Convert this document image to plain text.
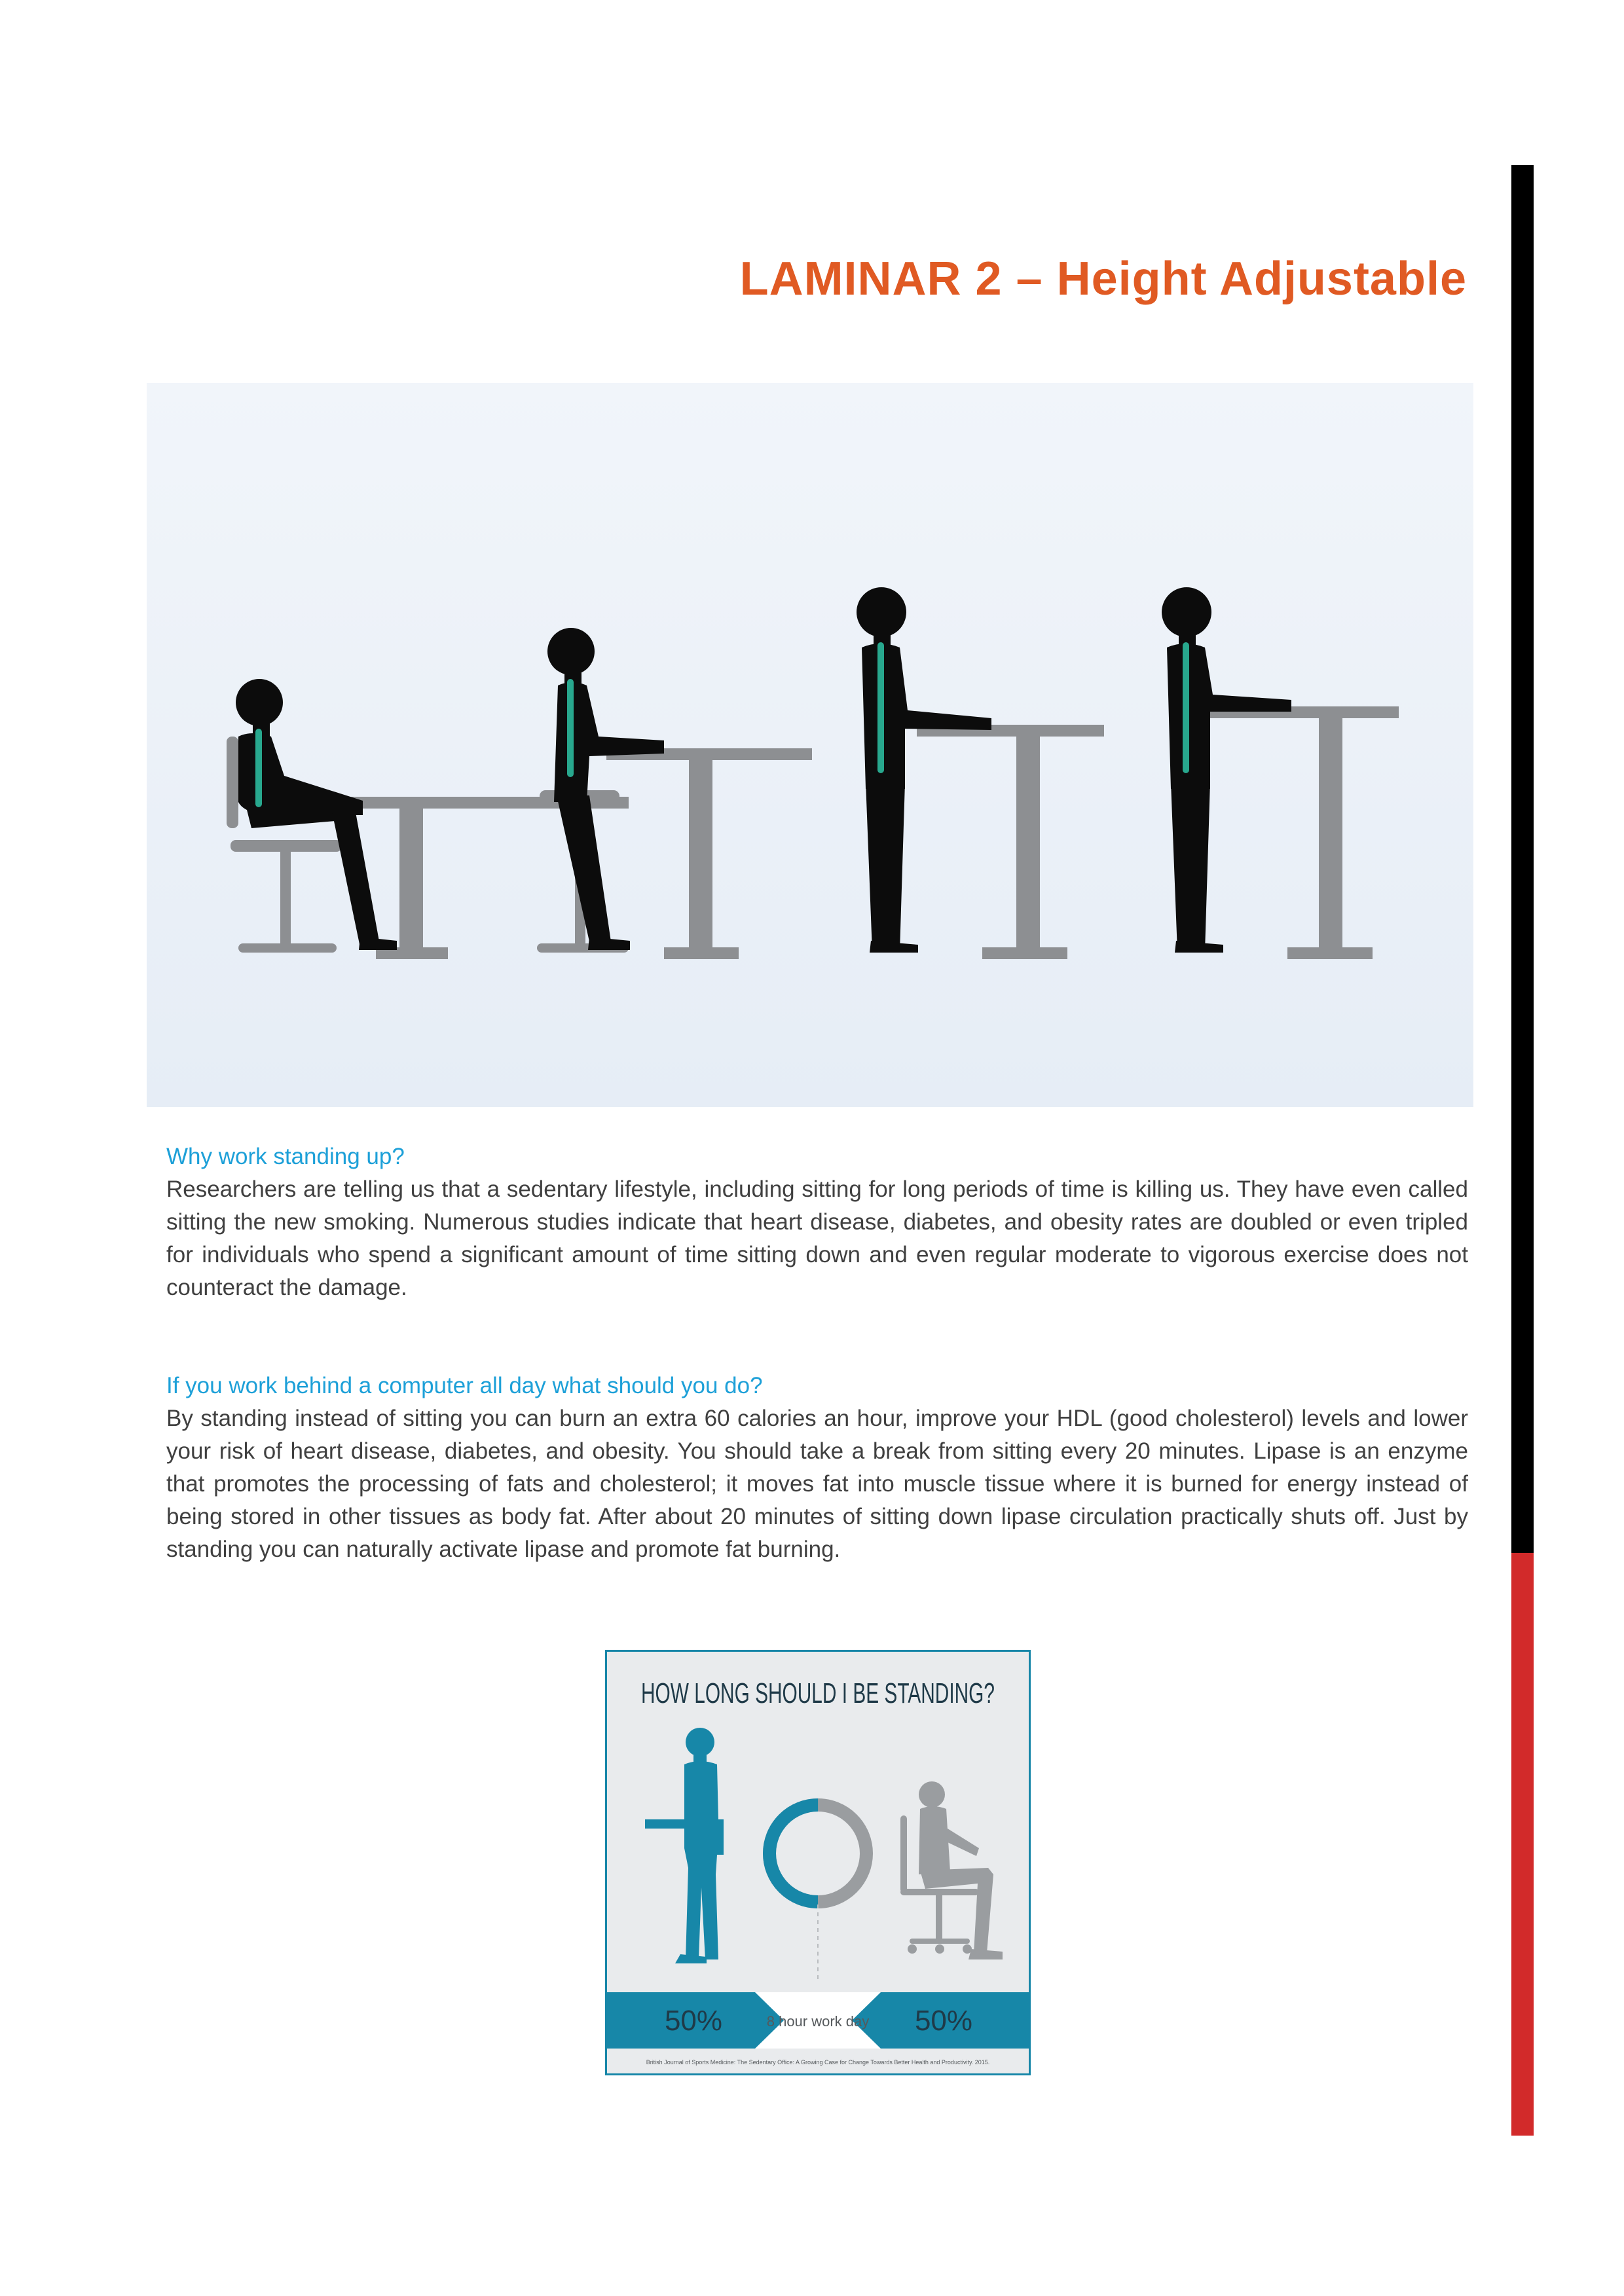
LAMINAR 2 – Height Adjustable
Why work standing up?
Researchers are telling us that a sedentary lifestyle, including sitting for long periods of time is killing us. They have even called sitting the new smoking. Numerous studies indicate that heart disease, diabetes, and obesity rates are doubled or even tripled for individuals who spend a significant amount of time sitting down and even regular moderate to vigorous exercise does not counteract the damage.
If you work behind a computer all day what should you do?
By standing instead of sitting you can burn an extra 60 calories an hour, improve your HDL (good cholesterol) levels and lower your risk of heart disease, diabetes, and obesity. You should take a break from sitting every 20 minutes. Lipase is an enzyme that promotes the processing of fats and cholesterol; it moves fat into muscle tissue where it is burned for energy instead of being stored in other tissues as body fat. After about 20 minutes of sitting down lipase circulation practically shuts off. Just by standing you can naturally activate lipase and promote fat burning.
HOW LONG SHOULD I BE STANDING?
50%	8 hour work day 50%
British Journal of Sports Medicine: The Sedentary Office: A Growing Case for Change Towards Better Health and Productivity. 2015.
